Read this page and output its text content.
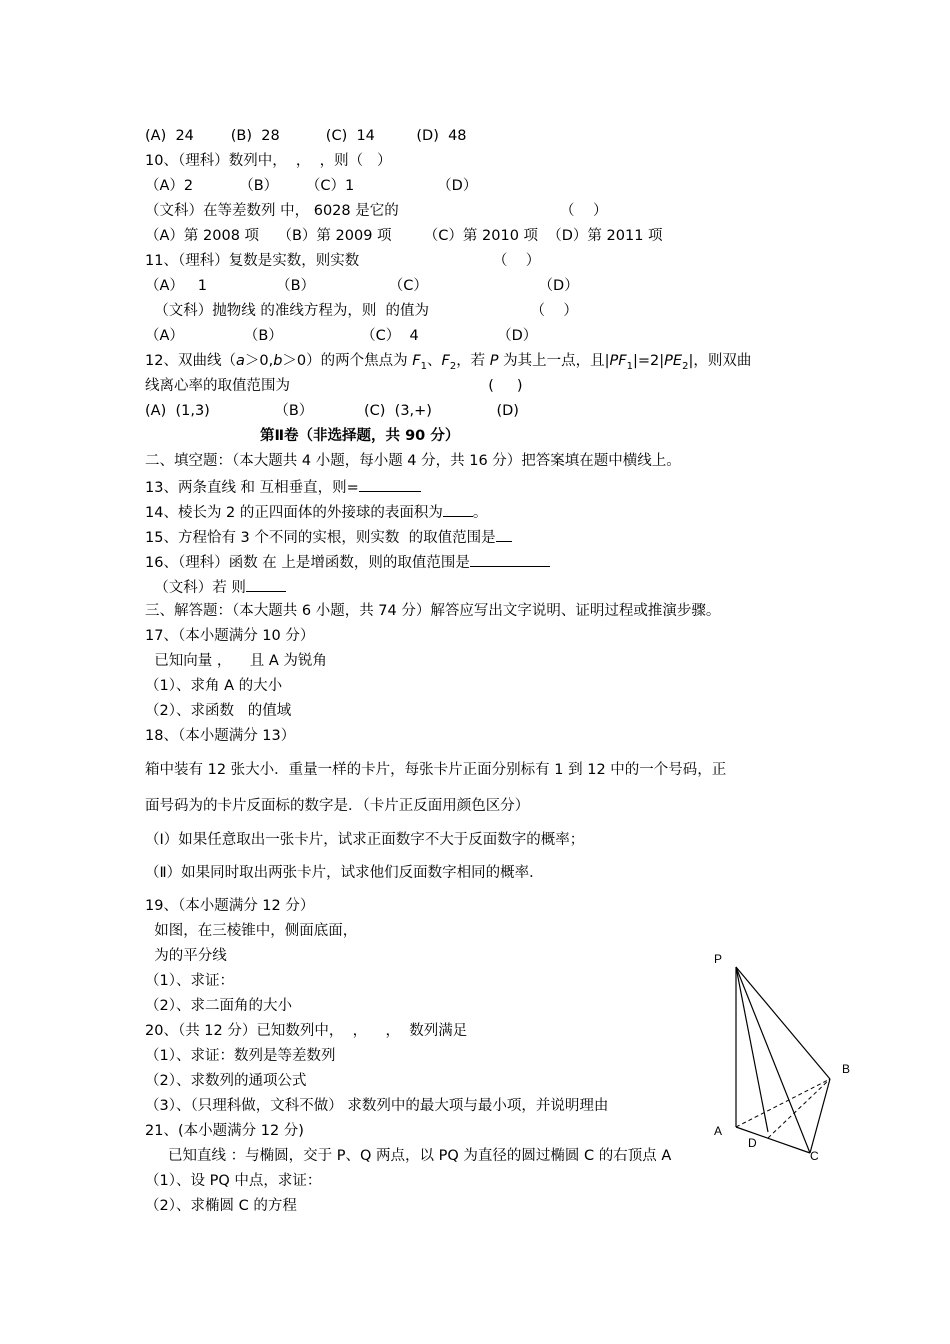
(A)  24        (B)  28          (C)  14         (D)  48
10、（理科）数列中，  ，  ，则（   ）
（A）2          （B）      （C）1                  （D）
（文科）在等差数列 中， 6028 是它的                                   （    ）
（A）第 2008 项    （B）第 2009 项       （C）第 2010 项  （D）第 2011 项
11、（理科）复数是实数，则实数                             （    ）
（A）   1               （B）                （C）                        （D）
（文科）抛物线 的准线方程为，则  的值为                      （    ）
（A）             （B）                 （C）  4                 （D）
12、双曲线（a＞0,b＞0）的两个焦点为 $F_1$、$F_2$，若 P 为其上一点，且$|PF_1|=2|PE_2|$，则双曲
线离心率的取值范围为                                           (     )
(A)  (1,3)              （B）           (C)  (3,+)              (D)
第Ⅱ卷（非选择题，共 90 分）
二、填空题：（本大题共 4 小题，每小题 4 分，共 16 分）把答案填在题中横线上。
13、两条直线 和 互相垂直，则=
14、棱长为 2 的正四面体的外接球的表面积为 。
15、方程恰有 3 个不同的实根，则实数  的取值范围是
16、（理科）函数 在 上是增函数，则的取值范围是
（文科）若 则
三、解答题：（本大题共 6 小题，共 74 分）解答应写出文字说明、证明过程或推演步骤。
17、（本小题满分 10 分）
已知向量 ，    且 A 为锐角
（1）、求角 A 的大小
（2）、求函数   的值域
18、（本小题满分 13）
箱中装有 12 张大小．重量一样的卡片，每张卡片正面分别标有 1 到 12 中的一个号码，正
面号码为的卡片反面标的数字是．（卡片正反面用颜色区分）
（Ⅰ）如果任意取出一张卡片，试求正面数字不大于反面数字的概率；
（Ⅱ）如果同时取出两张卡片，试求他们反面数字相同的概率．
19、（本小题满分 12 分）
如图，在三棱锥中，侧面底面，
为的平分线
（1）、求证：
（2）、求二面角的大小
20、（共 12 分）已知数列中，  ，    ，  数列满足
（1）、求证：数列是等差数列
（2）、求数列的通项公式
（3）、（只理科做，文科不做） 求数列中的最大项与最小项，并说明理由
21、(本小题满分 12 分)
已知直线 ：与椭圆，交于 P、Q 两点，以 PQ 为直径的圆过椭圆 C 的右顶点 A
（1）、设 PQ 中点，求证：
（2）、求椭圆 C 的方程
P
B
A
D
C
